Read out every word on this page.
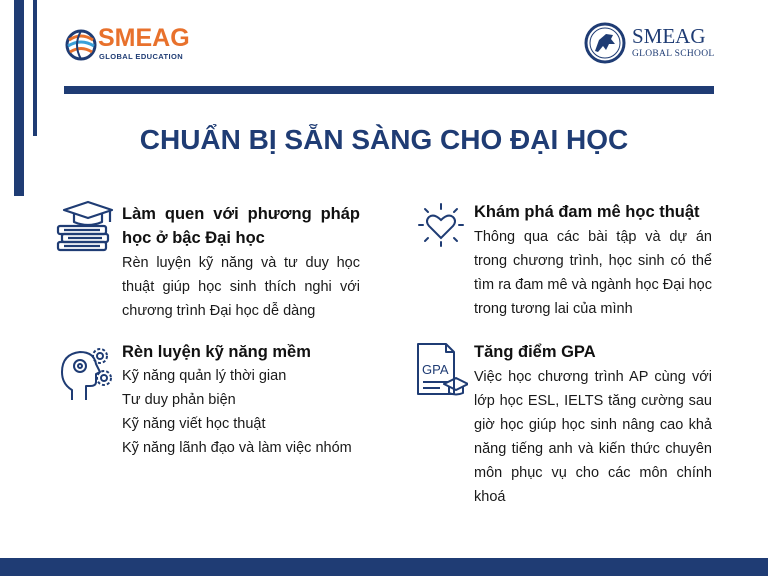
SMEAG
GLOBAL EDUCATION
SMEAG
GLOBAL SCHOOL
CHUẨN BỊ SẴN SÀNG CHO ĐẠI HỌC
Làm quen với phương pháp học ở bậc Đại học

Rèn luyện kỹ năng và tư duy học thuật giúp học sinh thích nghi với chương trình Đại học dễ dàng

Khám phá đam mê học thuật

Thông qua các bài tập và dự án trong chương trình, học sinh có thể tìm ra đam mê và ngành học Đại học trong tương lai của mình

Rèn luyện kỹ năng mềm

Kỹ năng quản lý thời gian

Tư duy phản biện

Kỹ năng viết học thuật

Kỹ năng lãnh đạo và làm việc nhóm

GPA
Tăng điểm GPA

Việc học chương trình AP cùng với lớp học ESL, IELTS tăng cường sau giờ học giúp học sinh nâng cao khả năng tiếng anh và kiến thức chuyên môn phục vụ cho các môn chính khoá
